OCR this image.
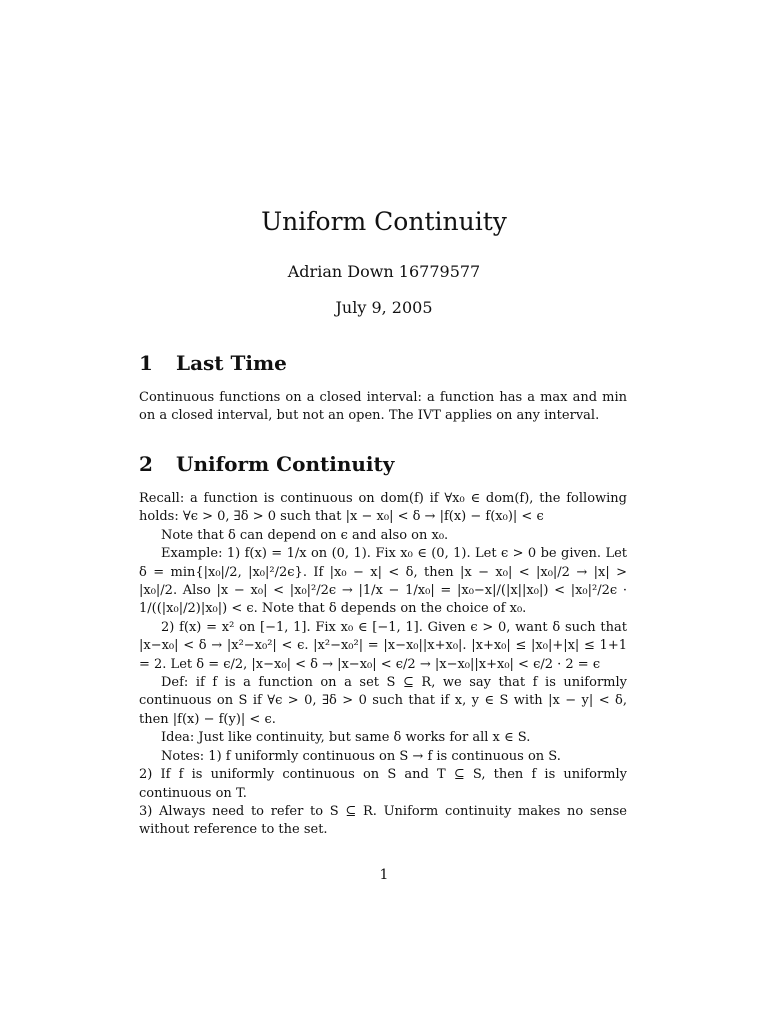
Uniform Continuity
Adrian Down 16779577
July 9, 2005
1 Last Time

Continuous functions on a closed interval: a function has a max and min on a closed interval, but not an open. The IVT applies on any interval.

2 Uniform Continuity

Recall: a function is continuous on dom(f) if ∀x₀ ∈ dom(f), the following holds: ∀ϵ > 0, ∃δ > 0 such that |x − x₀| < δ → |f(x) − f(x₀)| < ϵ

Note that δ can depend on ϵ and also on x₀.

Example: 1) f(x) = 1/x on (0, 1). Fix x₀ ∈ (0, 1). Let ϵ > 0 be given. Let δ = min{|x₀|/2, |x₀|²/2ϵ}. If |x₀ − x| < δ, then |x − x₀| < |x₀|/2 → |x| > |x₀|/2. Also |x − x₀| < |x₀|²/2ϵ → |1/x − 1/x₀| = |x₀−x|/(|x||x₀|) < |x₀|²/2ϵ · 1/((|x₀|/2)|x₀|) < ϵ. Note that δ depends on the choice of x₀.

2) f(x) = x² on [−1, 1]. Fix x₀ ∈ [−1, 1]. Given ϵ > 0, want δ such that |x−x₀| < δ → |x²−x₀²| < ϵ. |x²−x₀²| = |x−x₀||x+x₀|. |x+x₀| ≤ |x₀|+|x| ≤ 1+1 = 2. Let δ = ϵ/2, |x−x₀| < δ → |x−x₀| < ϵ/2 → |x−x₀||x+x₀| < ϵ/2 · 2 = ϵ

Def: if f is a function on a set S ⊆ R, we say that f is uniformly continuous on S if ∀ϵ > 0, ∃δ > 0 such that if x, y ∈ S with |x − y| < δ, then |f(x) − f(y)| < ϵ.

Idea: Just like continuity, but same δ works for all x ∈ S.

Notes: 1) f uniformly continuous on S → f is continuous on S.

2) If f is uniformly continuous on S and T ⊆ S, then f is uniformly continuous on T.

3) Always need to refer to S ⊆ R. Uniform continuity makes no sense without reference to the set.

1
